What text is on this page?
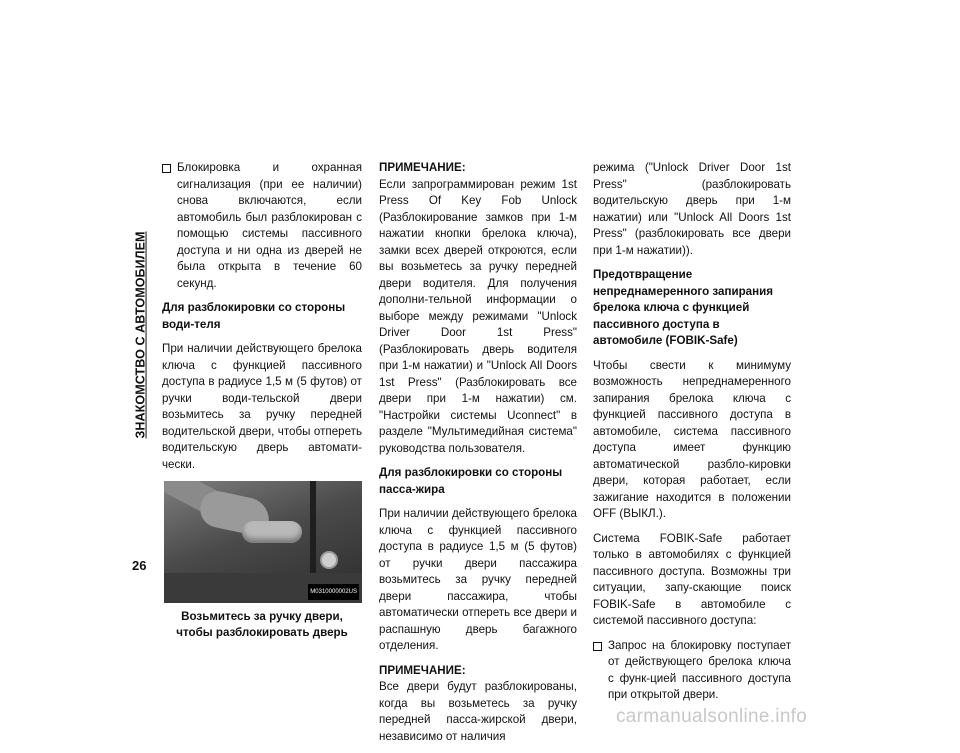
ЗНАКОМСТВО С АВТОМОБИЛЕМ
26
Блокировка и охранная сигнализация (при ее наличии) снова включаются, если автомобиль был разблокирован с помощью системы пассивного доступа и ни одна из дверей не была открыта в течение 60 секунд.
Для разблокировки со стороны води-теля

При наличии действующего брелока ключа с функцией пассивного доступа в радиусе 1,5 м (5 футов) от ручки води-тельской двери возьмитесь за ручку передней водительской двери, чтобы отпереть водительскую дверь автомати-чески.

M0310000002US
Возьмитесь за ручку двери, чтобы разблокировать дверь
ПРИМЕЧАНИЕ:

Если запрограммирован режим 1st Press Of Key Fob Unlock (Разблокирование замков при 1-м нажатии кнопки брелока ключа), замки всех дверей откроются, если вы возьметесь за ручку передней двери водителя. Для получения дополни-тельной информации о выборе между режимами "Unlock Driver Door 1st Press" (Разблокировать дверь водителя при 1-м нажатии) и "Unlock All Doors 1st Press" (Разблокировать все двери при 1-м нажатии) см. "Настройки системы Uconnect" в разделе "Мультимедийная система" руководства пользователя.

Для разблокировки со стороны пасса-жира

При наличии действующего брелока ключа с функцией пассивного доступа в радиусе 1,5 м (5 футов) от ручки двери пассажира возьмитесь за ручку передней двери пассажира, чтобы автоматически отпереть все двери и распашную дверь багажного отделения.

ПРИМЕЧАНИЕ:

Все двери будут разблокированы, когда вы возьметесь за ручку передней пасса-жирской двери, независимо от наличия

режима ("Unlock Driver Door 1st Press" (разблокировать водительскую дверь при 1-м нажатии) или "Unlock All Doors 1st Press" (разблокировать все двери при 1-м нажатии)).

Предотвращение непреднамеренного запирания брелока ключа с функцией пассивного доступа в автомобиле (FOBIK-Safe)

Чтобы свести к минимуму возможность непреднамеренного запирания брелока ключа с функцией пассивного доступа в автомобиле, система пассивного доступа имеет функцию автоматической разбло-кировки двери, которая работает, если зажигание находится в положении OFF (ВЫКЛ.).

Система FOBIK-Safe работает только в автомобилях с функцией пассивного доступа. Возможны три ситуации, запу-скающие поиск FOBIK-Safe в автомобиле с системой пассивного доступа:

Запрос на блокировку поступает от действующего брелока ключа с функ-цией пассивного доступа при открытой двери.
carmanualsonline.info
